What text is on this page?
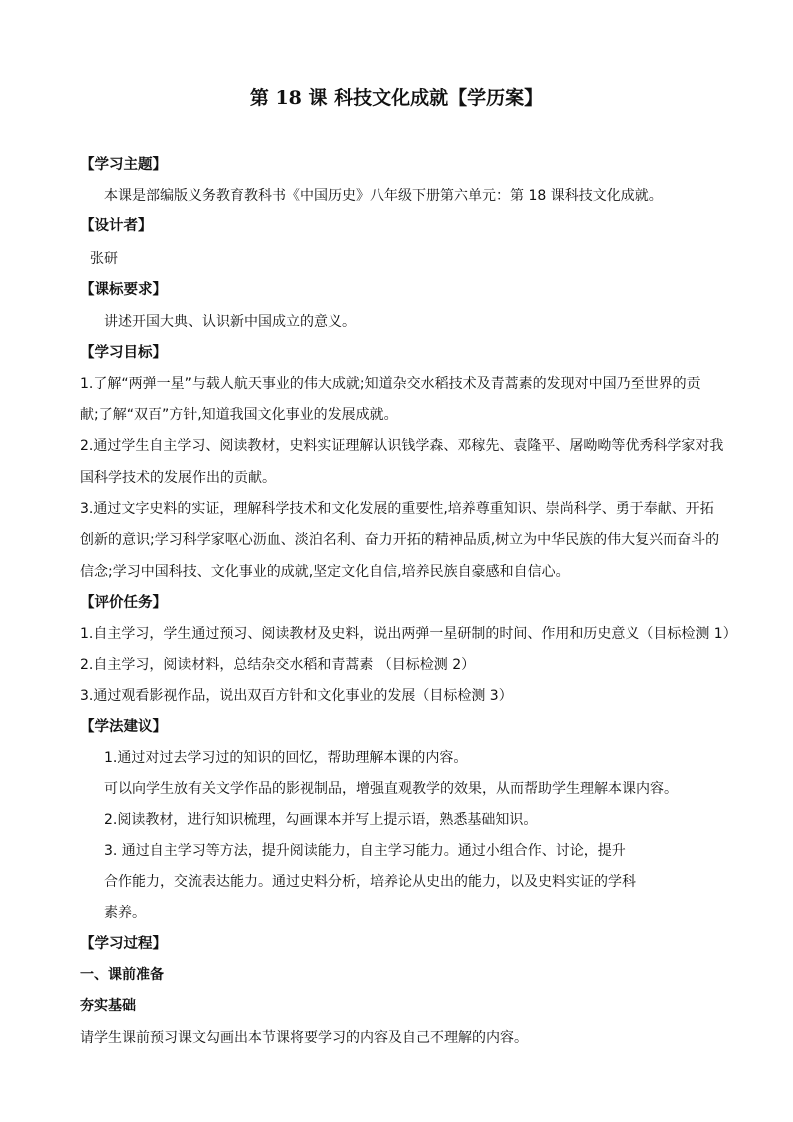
第 18 课 科技文化成就【学历案】
【学习主题】
本课是部编版义务教育教科书《中国历史》八年级下册第六单元：第 18 课科技文化成就。
【设计者】
张研
【课标要求】
讲述开国大典、认识新中国成立的意义。
【学习目标】
1.了解“两弹一星”与载人航天事业的伟大成就;知道杂交水稻技术及青蒿素的发现对中国乃至世界的贡
献;了解“双百”方针,知道我国文化事业的发展成就。
2.通过学生自主学习、阅读教材，史料实证理解认识钱学森、邓稼先、袁隆平、屠呦呦等优秀科学家对我
国科学技术的发展作出的贡献。
3.通过文字史料的实证，理解科学技术和文化发展的重要性,培养尊重知识、崇尚科学、勇于奉献、开拓
创新的意识;学习科学家呕心沥血、淡泊名利、奋力开拓的精神品质,树立为中华民族的伟大复兴而奋斗的
信念;学习中国科技、文化事业的成就,坚定文化自信,培养民族自豪感和自信心。
【评价任务】
1.自主学习，学生通过预习、阅读教材及史料，说出两弹一星研制的时间、作用和历史意义（目标检测 1）
2.自主学习，阅读材料，总结杂交水稻和青蒿素 （目标检测 2）
3.通过观看影视作品，说出双百方针和文化事业的发展（目标检测 3）
【学法建议】
1.通过对过去学习过的知识的回忆，帮助理解本课的内容。
可以向学生放有关文学作品的影视制品，增强直观教学的效果，从而帮助学生理解本课内容。
2.阅读教材，进行知识梳理，勾画课本并写上提示语，熟悉基础知识。
3. 通过自主学习等方法，提升阅读能力，自主学习能力。通过小组合作、讨论，提升
合作能力，交流表达能力。通过史料分析，培养论从史出的能力，以及史料实证的学科
素养。
【学习过程】
一、课前准备
夯实基础
请学生课前预习课文勾画出本节课将要学习的内容及自己不理解的内容。
